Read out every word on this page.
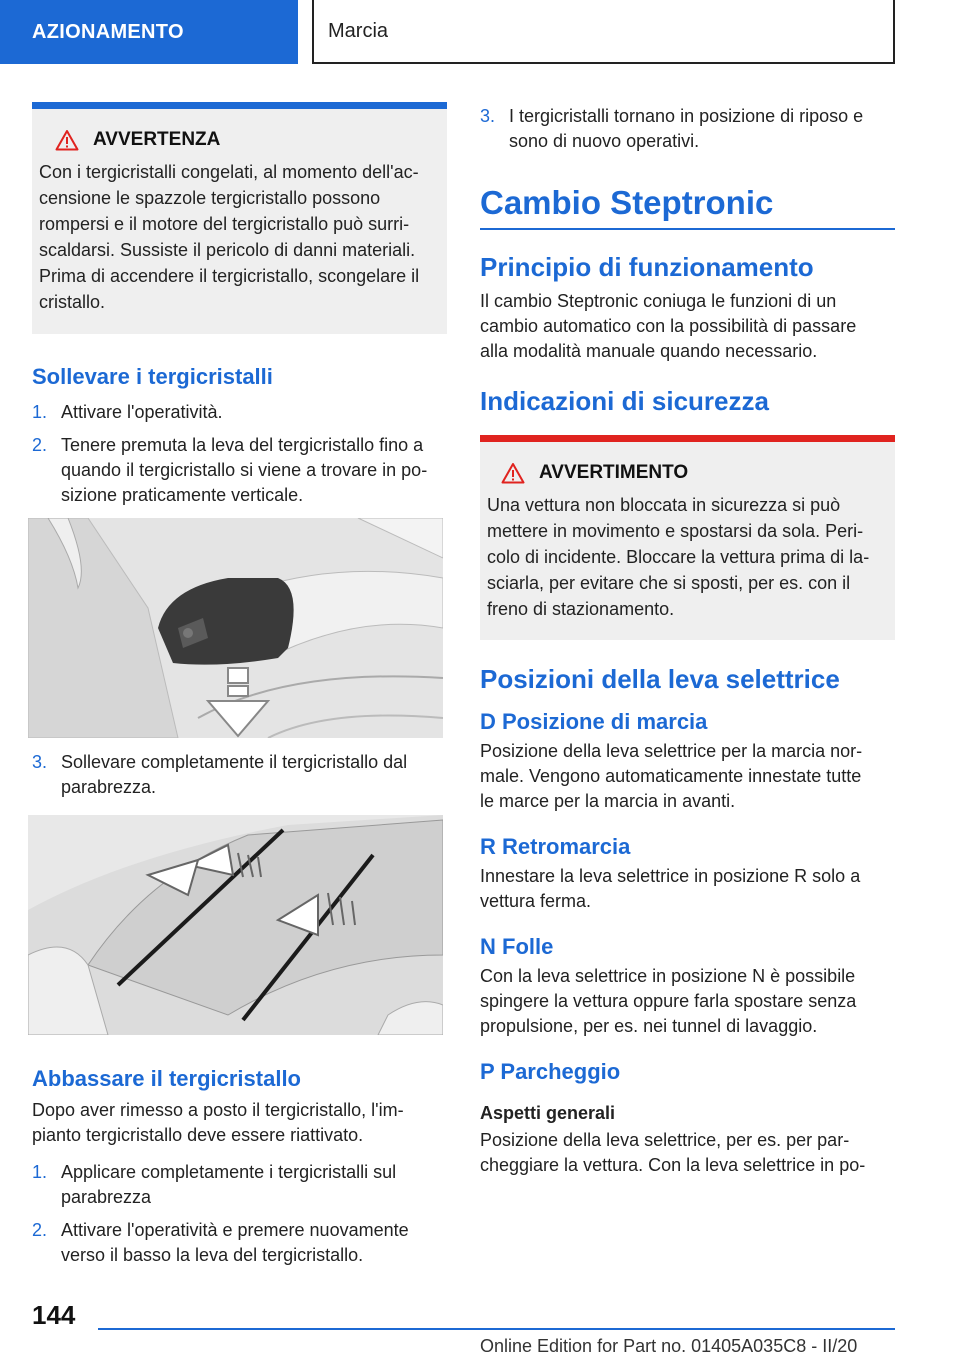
AZIONAMENTO	Marcia
AVVERTENZA
Con i tergicristalli congelati, al momento dell'ac-
censione le spazzole tergicristallo possono
rompersi e il motore del tergicristallo può surri-
scaldarsi. Sussiste il pericolo di danni materiali.
Prima di accendere il tergicristallo, scongelare il
cristallo.
Sollevare i tergicristalli
1. Attivare l'operatività.
2. Tenere premuta la leva del tergicristallo fino a
quando il tergicristallo si viene a trovare in po-
sizione praticamente verticale.
3. Sollevare completamente il tergicristallo dal
parabrezza.
Abbassare il tergicristallo

Dopo aver rimesso a posto il tergicristallo, l'im-
pianto tergicristallo deve essere riattivato.

1. Applicare completamente i tergicristalli sul
parabrezza
2. Attivare l'operatività e premere nuovamente
verso il basso la leva del tergicristallo.
3. I tergicristalli tornano in posizione di riposo e
sono di nuovo operativi.
Cambio Steptronic
Principio di funzionamento

Il cambio Steptronic coniuga le funzioni di un
cambio automatico con la possibilità di passare
alla modalità manuale quando necessario.

Indicazioni di sicurezza
AVVERTIMENTO
Una vettura non bloccata in sicurezza si può
mettere in movimento e spostarsi da sola. Peri-
colo di incidente. Bloccare la vettura prima di la-
sciarla, per evitare che si sposti, per es. con il
freno di stazionamento.
Posizioni della leva selettrice
D Posizione di marcia

Posizione della leva selettrice per la marcia nor-
male. Vengono automaticamente innestate tutte
le marce per la marcia in avanti.

R Retromarcia

Innestare la leva selettrice in posizione R solo a
vettura ferma.

N Folle

Con la leva selettrice in posizione N è possibile
spingere la vettura oppure farla spostare senza
propulsione, per es. nei tunnel di lavaggio.

P Parcheggio

Aspetti generali

Posizione della leva selettrice, per es. per par-
cheggiare la vettura. Con la leva selettrice in po-

144
Online Edition for Part no. 01405A035C8 - II/20
